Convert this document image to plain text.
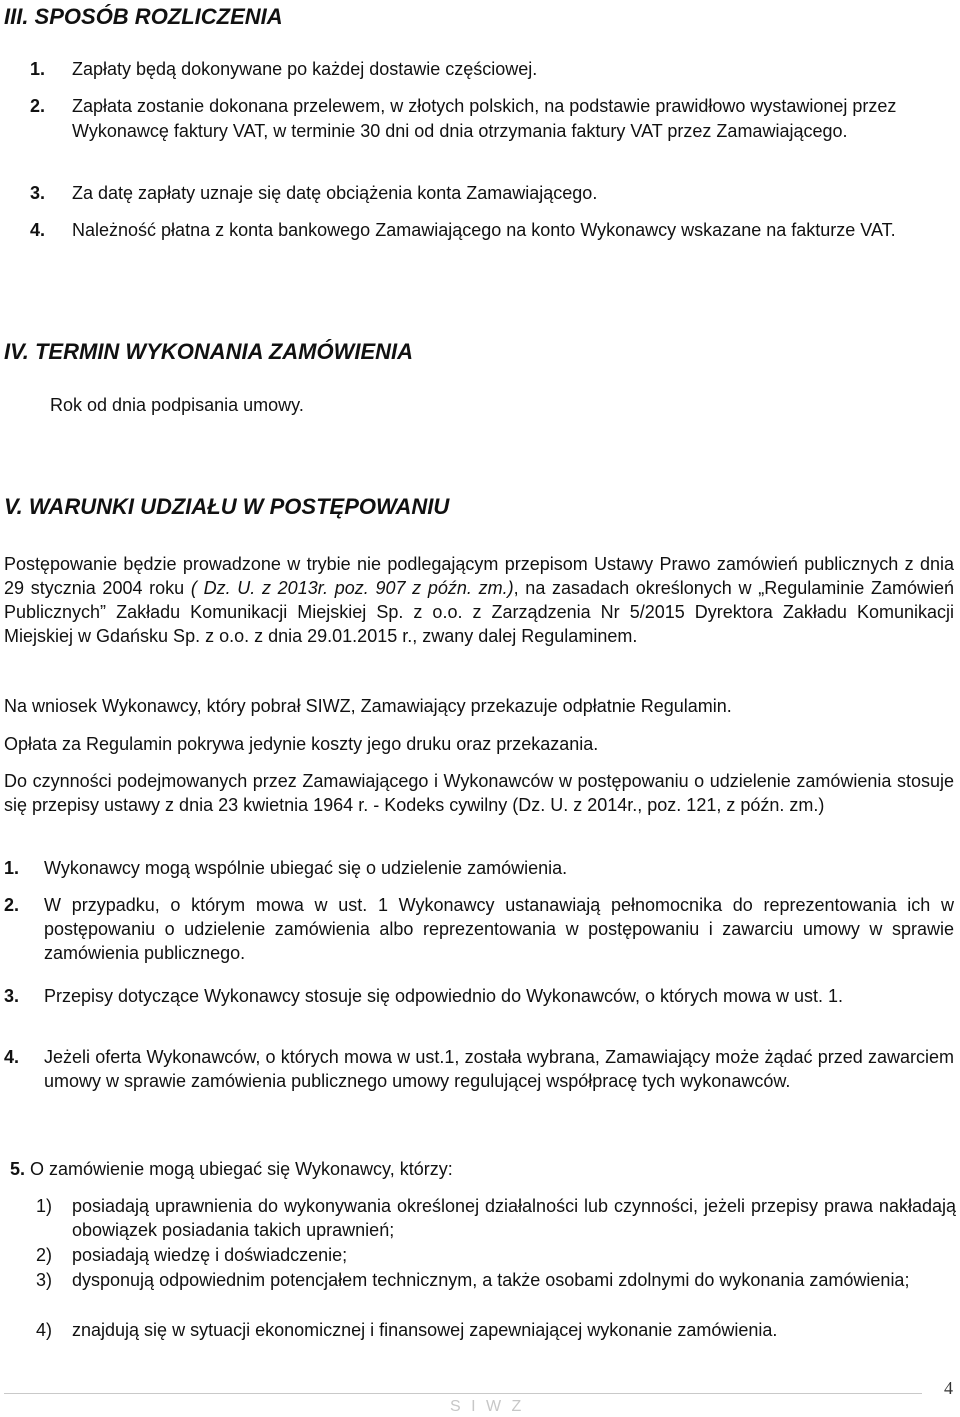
III. SPOSÓB ROZLICZENIA
1. Zapłaty będą dokonywane po każdej dostawie częściowej.
2. Zapłata zostanie dokonana przelewem, w złotych polskich, na podstawie prawidłowo wystawionej przez Wykonawcę faktury VAT, w terminie 30 dni od dnia otrzymania faktury VAT przez Zamawiającego.
3. Za datę zapłaty uznaje się datę obciążenia konta Zamawiającego.
4. Należność płatna z konta bankowego Zamawiającego na konto Wykonawcy wskazane na fakturze VAT.
IV. TERMIN WYKONANIA ZAMÓWIENIA
Rok od dnia podpisania umowy.
V. WARUNKI UDZIAŁU W POSTĘPOWANIU
Postępowanie będzie prowadzone w trybie nie podlegającym przepisom Ustawy Prawo zamówień publicznych z dnia 29 stycznia 2004 roku ( Dz. U. z 2013r. poz. 907 z późn. zm.), na zasadach określonych w „Regulaminie Zamówień Publicznych” Zakładu Komunikacji Miejskiej Sp. z o.o. z Zarządzenia Nr 5/2015 Dyrektora Zakładu Komunikacji Miejskiej w Gdańsku Sp. z o.o. z dnia 29.01.2015 r., zwany dalej Regulaminem.
Na wniosek Wykonawcy, który pobrał SIWZ, Zamawiający przekazuje odpłatnie Regulamin.
Opłata za Regulamin pokrywa jedynie koszty jego druku oraz przekazania.
Do czynności podejmowanych przez Zamawiającego i Wykonawców w postępowaniu o udzielenie zamówienia stosuje się przepisy ustawy z dnia 23 kwietnia 1964 r. - Kodeks cywilny (Dz. U. z 2014r., poz. 121, z późn. zm.)
1. Wykonawcy mogą wspólnie ubiegać się o udzielenie zamówienia.
2. W przypadku, o którym mowa w ust. 1 Wykonawcy ustanawiają pełnomocnika do reprezentowania ich w postępowaniu o udzielenie zamówienia albo reprezentowania w postępowaniu i zawarciu umowy w sprawie zamówienia publicznego.
3. Przepisy dotyczące Wykonawcy stosuje się odpowiednio do Wykonawców, o których mowa w ust. 1.
4. Jeżeli oferta Wykonawców, o których mowa w ust.1, została wybrana, Zamawiający może żądać przed zawarciem umowy w sprawie zamówienia publicznego umowy regulującej współpracę tych wykonawców.
5. O zamówienie mogą ubiegać się Wykonawcy, którzy:
1) posiadają uprawnienia do wykonywania określonej działalności lub czynności, jeżeli przepisy prawa nakładają obowiązek posiadania takich uprawnień;
2) posiadają wiedzę i doświadczenie;
3) dysponują odpowiednim potencjałem technicznym, a także osobami zdolnymi do wykonania zamówienia;
4) znajdują się w sytuacji ekonomicznej i finansowej zapewniającej wykonanie zamówienia.
4
S I W Z
